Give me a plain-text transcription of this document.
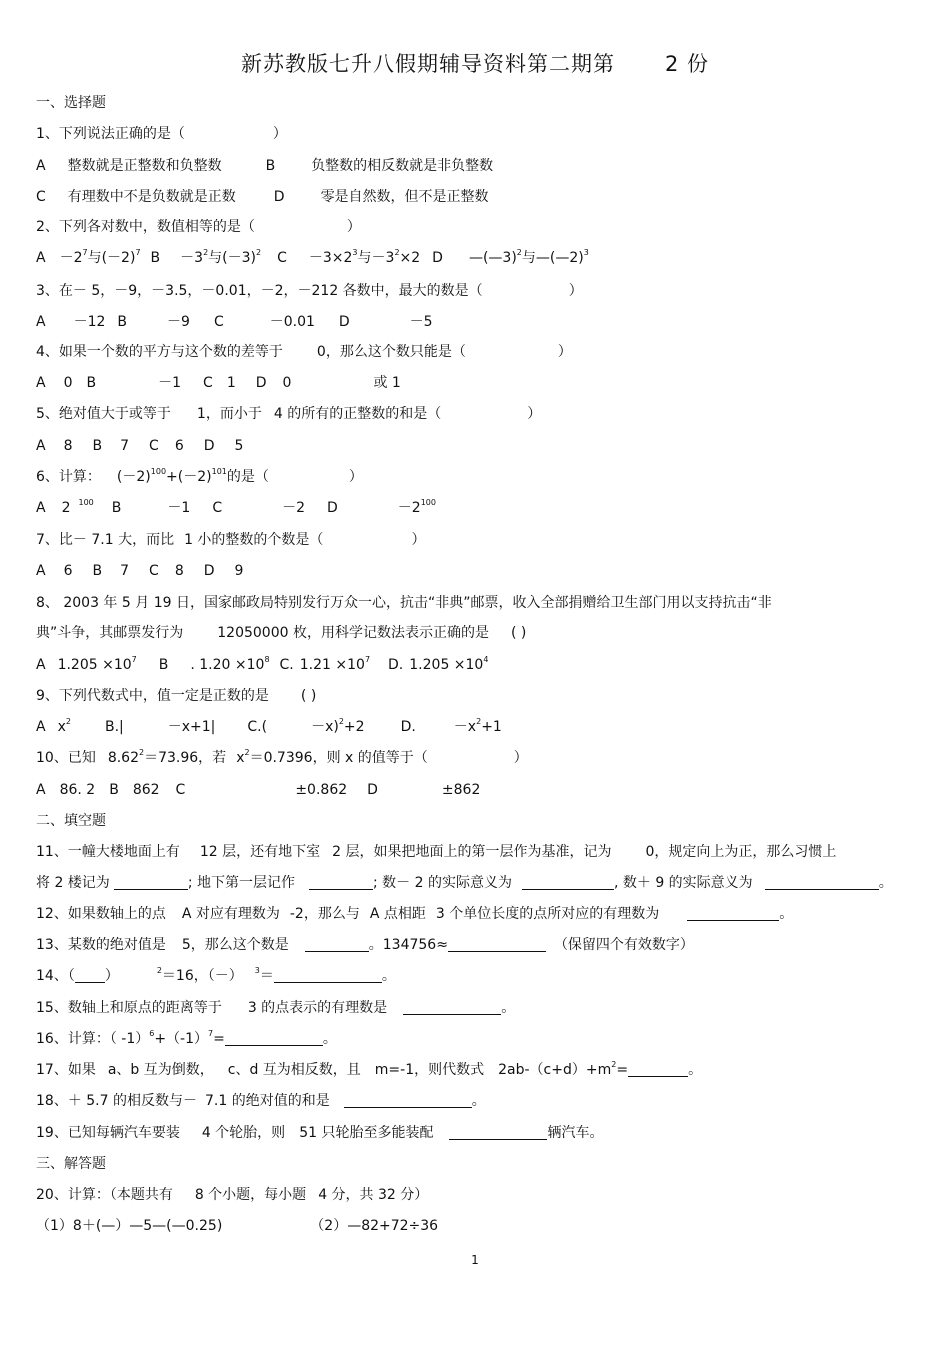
新苏教版七升八假期辅导资料第二期第 2 份
一、选择题
1、下列说法正确的是（	）
A 整数就是正整数和负整数	B	负整数的相反数就是非负整数
C 有理数中不是负数就是正数	D	零是自然数，但不是正整数
2、下列各对数中，数值相等的是（	）
$A -2^7$与$(-2)^7$ $B -3^2$与$(-3)^2$ $C -3\times 2^3$与$-3^2\times 2$ D —(—3)$^2$与—(—2)$^3$
3、在－ 5，－9，－3.5，－0.01，－2，－212 各数中，最大的数是（	）
A －12 B	－9 C	－0.01 D	－5
4、如果一个数的平方与这个数的差等于 0，那么这个数只能是（	）
A 0 B	－1 C 1 D 0	或 1
5、绝对值大于或等于 1，而小于 4 的所有的正整数的和是（	）
A 8 B 7 C 6 D 5
6、计算： $(-2)^{100}+(-2)^{101}$的是（	）
A 2 $^{100}$ B	－1 C	－2 D	$-2^{100}$
7、比－ 7.1 大，而比 1 小的整数的个数是（	）
A 6 B 7 C 8 D 9
8、 2003 年 5 月 19 日，国家邮政局特别发行万众一心，抗击“非典”邮票，收入全部捐赠给卫生部门用以支持抗击“非
典”斗争，其邮票发行为 12050000 枚，用科学记数法表示正确的是 ( )
A $1.205 \times 10^7$ B . $1.20 \times 10^8$ C. $1.21 \times 10^7$ D. $1.205 \times 10^4$
9、下列代数式中，值一定是正数的是 ( )
A $x^2$ B.|	－x+1| C.(	－x)$^2$+2	D.	$-x^2+1$
10、已知 $8.62^2=73.96$，若 $x^2=0.7396$，则 x 的值等于（	）
A 86. 2 B 862 C	±0.862 D	±862
二、填空题
11、一幢大楼地面上有 12 层，还有地下室 2 层，如果把地面上的第一层作为基准，记为 0，规定向上为正，那么习惯上
将 2 楼记为	; 地下第一层记作	; 数－ 2 的实际意义为	, 数＋ 9 的实际意义为	。
12、如果数轴上的点 A 对应有理数为 -2，那么与 A 点相距 3 个单位长度的点所对应的有理数为	。
13、某数的绝对值是 5，那么这个数是	。134756≈	（保留四个有效数字）
14、（ ）	$^2$＝16，（－） $^3$＝	。
15、数轴上和原点的距离等于 3 的点表示的有理数是	。
16、计算：（ $-1)^6+(-1)^7=$	。
17、如果 a、b 互为倒数， c、d 互为相反数，且 m=-1，则代数式 $2ab-(c+d)+m^2=$	。
18、＋ 5.7 的相反数与－ 7.1 的绝对值的和是	。
19、已知每辆汽车要装 4 个轮胎，则 51 只轮胎至多能装配	辆汽车。
三、解答题
20、计算：（本题共有 8 个小题，每小题 4 分，共 32 分）
（1）8＋(—）—5—(—0.25)	（2）—82+72÷36
1
